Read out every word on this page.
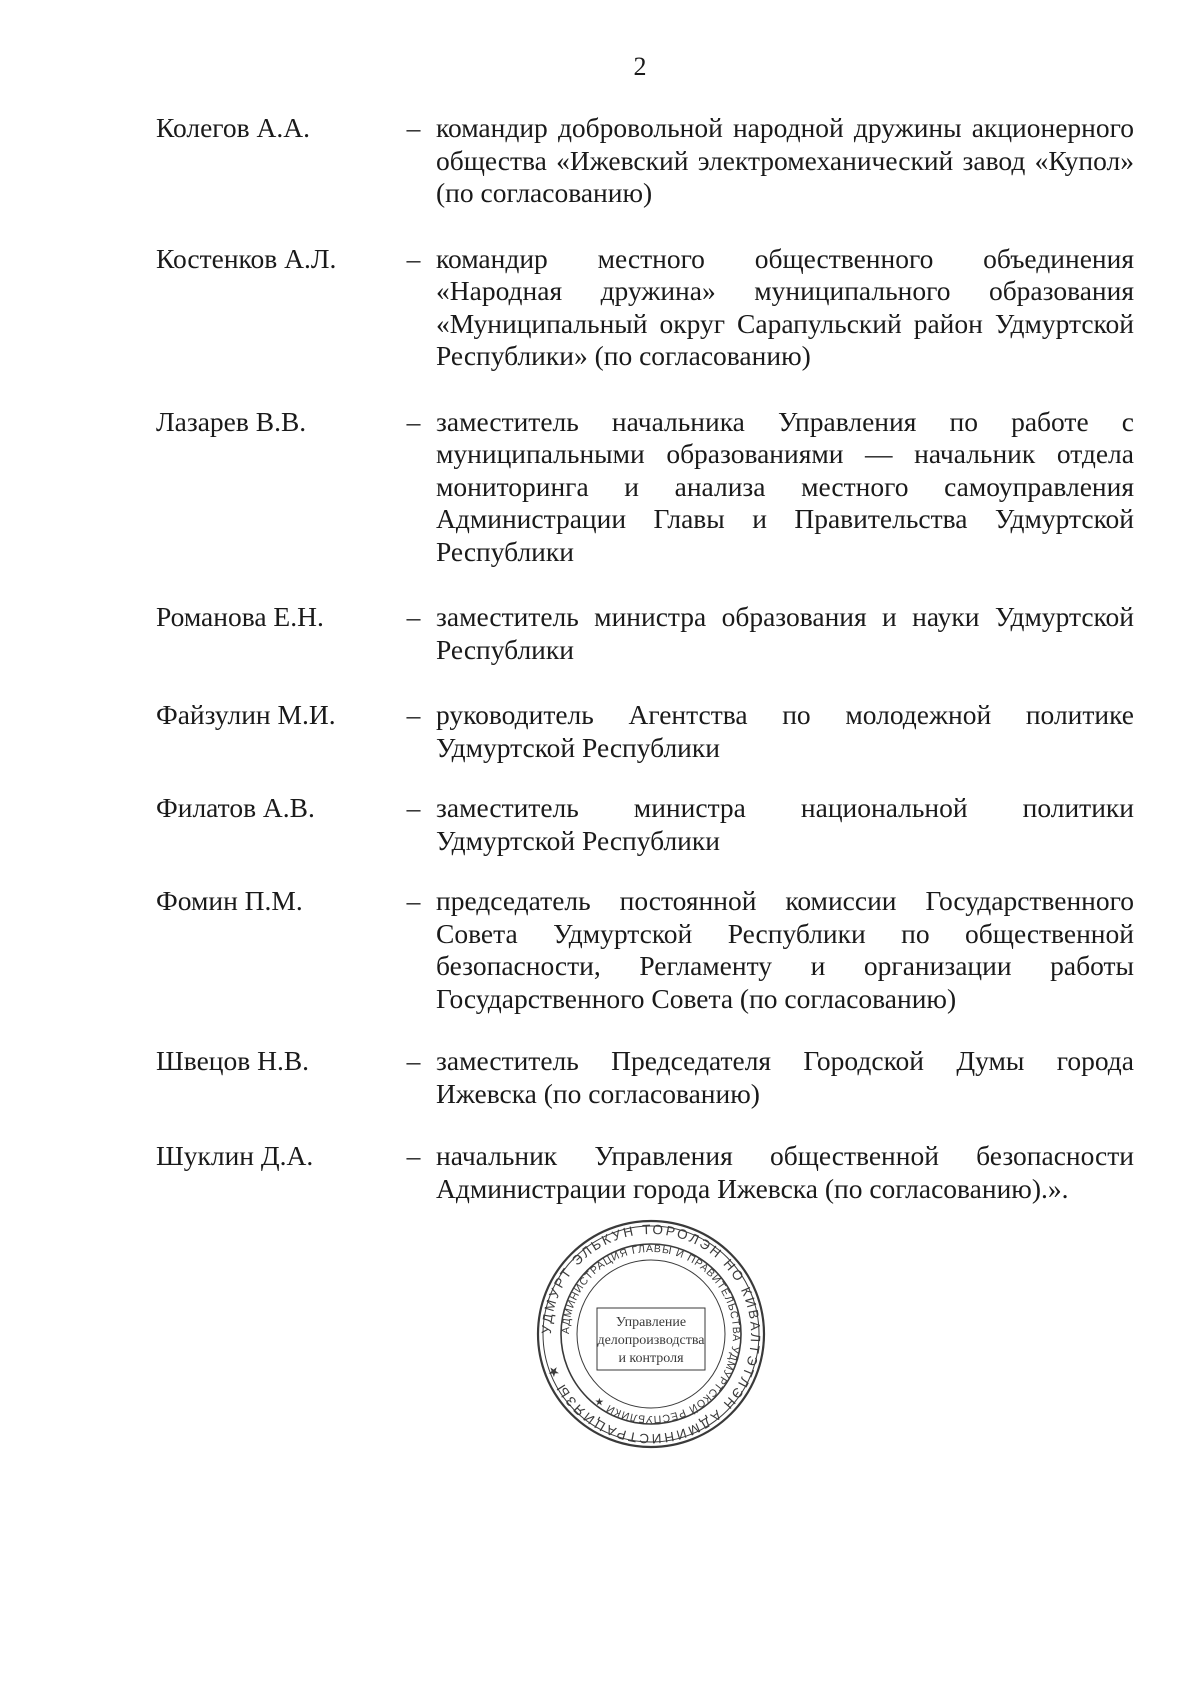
2
Колегов А.А.	– командир добровольной народной дружины акционерного общества «Ижевский электромеханический завод «Купол» (по согласованию)
Костенков А.Л.	– командир местного общественного объединения «Народная дружина» муниципального образования «Муниципальный округ Сарапульский район Удмуртской Республики» (по согласованию)
Лазарев В.В.	– заместитель начальника Управления по работе с муниципальными образованиями — начальник отдела мониторинга и анализа местного самоуправления Администрации Главы и Правительства Удмуртской Республики
Романова Е.Н.	– заместитель министра образования и науки Удмуртской Республики
Файзулин М.И.	– руководитель Агентства по молодежной политике Удмуртской Республики
Филатов А.В.	– заместитель министра национальной политики Удмуртской Республики
Фомин П.М.	– председатель постоянной комиссии Государственного Совета Удмуртской Республики по общественной безопасности, Регламенту и организации работы Государственного Совета (по согласованию)
Швецов Н.В.	– заместитель Председателя Городской Думы города Ижевска (по согласованию)
Шуклин Д.А.	– начальник Управления общественной безопасности Администрации города Ижевска (по согласованию).».
УДМУРТ ЭЛЬКУН ТОРОЛЭН НО КИВАЛТЭТЛЭН АДМИНИСТРАЦИЯЗЫ ★
АДМИНИСТРАЦИЯ ГЛАВЫ И ПРАВИТЕЛЬСТВА УДМУРТСКОЙ РЕСПУБЛИКИ ★
Управление
делопроизводства
и контроля
